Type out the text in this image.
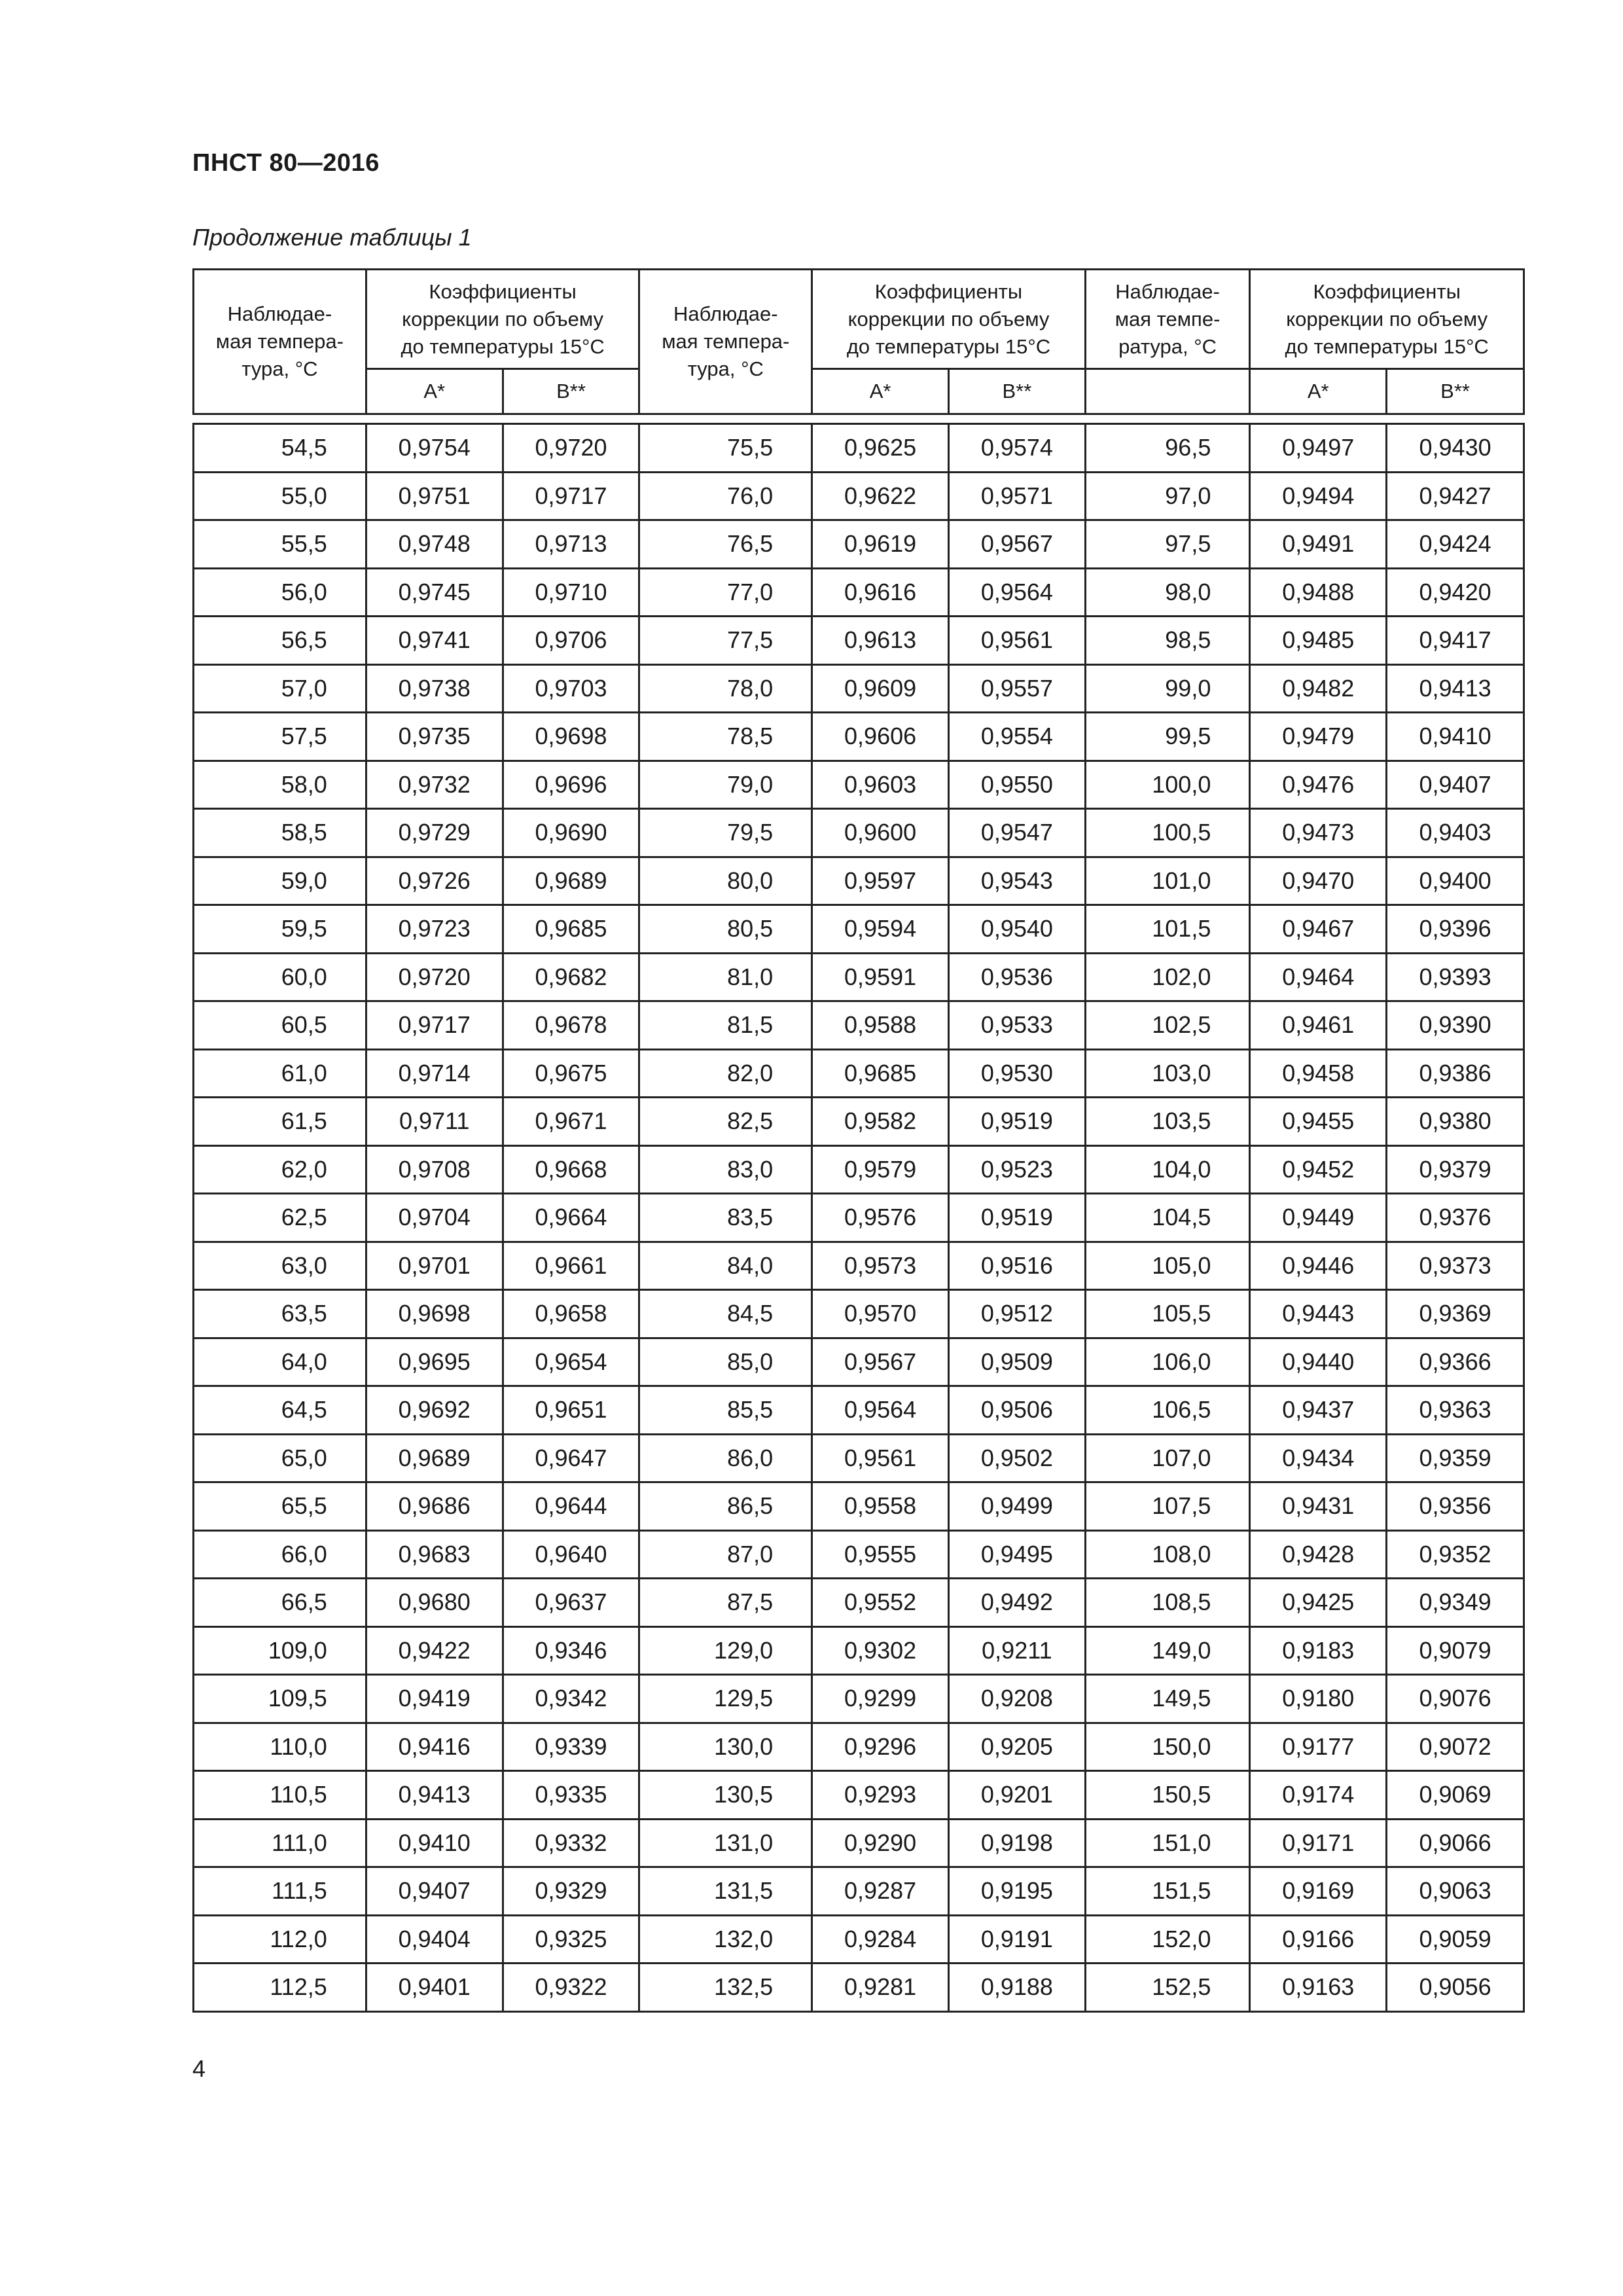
ПНСТ 80—2016
Продолжение таблицы 1
Наблюдае-
мая темпера-
тура, °С	Коэффициенты
коррекции по объему
до температуры 15°С		Наблюдае-
мая темпера-
тура, °С	Коэффициенты
коррекции по объему
до температуры 15°С		Наблюдае-
мая темпе-
ратура, °С	Коэффициенты
коррекции по объему
до температуры 15°С	
	A*	B**		A*	B**		A*	B**

54,5	0,9754	0,9720	75,5	0,9625	0,9574	96,5	0,9497	0,9430
55,0	0,9751	0,9717	76,0	0,9622	0,9571	97,0	0,9494	0,9427
55,5	0,9748	0,9713	76,5	0,9619	0,9567	97,5	0,9491	0,9424
56,0	0,9745	0,9710	77,0	0,9616	0,9564	98,0	0,9488	0,9420
56,5	0,9741	0,9706	77,5	0,9613	0,9561	98,5	0,9485	0,9417
57,0	0,9738	0,9703	78,0	0,9609	0,9557	99,0	0,9482	0,9413
57,5	0,9735	0,9698	78,5	0,9606	0,9554	99,5	0,9479	0,9410
58,0	0,9732	0,9696	79,0	0,9603	0,9550	100,0	0,9476	0,9407
58,5	0,9729	0,9690	79,5	0,9600	0,9547	100,5	0,9473	0,9403
59,0	0,9726	0,9689	80,0	0,9597	0,9543	101,0	0,9470	0,9400
59,5	0,9723	0,9685	80,5	0,9594	0,9540	101,5	0,9467	0,9396
60,0	0,9720	0,9682	81,0	0,9591	0,9536	102,0	0,9464	0,9393
60,5	0,9717	0,9678	81,5	0,9588	0,9533	102,5	0,9461	0,9390
61,0	0,9714	0,9675	82,0	0,9685	0,9530	103,0	0,9458	0,9386
61,5	0,9711	0,9671	82,5	0,9582	0,9519	103,5	0,9455	0,9380
62,0	0,9708	0,9668	83,0	0,9579	0,9523	104,0	0,9452	0,9379
62,5	0,9704	0,9664	83,5	0,9576	0,9519	104,5	0,9449	0,9376
63,0	0,9701	0,9661	84,0	0,9573	0,9516	105,0	0,9446	0,9373
63,5	0,9698	0,9658	84,5	0,9570	0,9512	105,5	0,9443	0,9369
64,0	0,9695	0,9654	85,0	0,9567	0,9509	106,0	0,9440	0,9366
64,5	0,9692	0,9651	85,5	0,9564	0,9506	106,5	0,9437	0,9363
65,0	0,9689	0,9647	86,0	0,9561	0,9502	107,0	0,9434	0,9359
65,5	0,9686	0,9644	86,5	0,9558	0,9499	107,5	0,9431	0,9356
66,0	0,9683	0,9640	87,0	0,9555	0,9495	108,0	0,9428	0,9352
66,5	0,9680	0,9637	87,5	0,9552	0,9492	108,5	0,9425	0,9349
109,0	0,9422	0,9346	129,0	0,9302	0,9211	149,0	0,9183	0,9079
109,5	0,9419	0,9342	129,5	0,9299	0,9208	149,5	0,9180	0,9076
110,0	0,9416	0,9339	130,0	0,9296	0,9205	150,0	0,9177	0,9072
110,5	0,9413	0,9335	130,5	0,9293	0,9201	150,5	0,9174	0,9069
111,0	0,9410	0,9332	131,0	0,9290	0,9198	151,0	0,9171	0,9066
111,5	0,9407	0,9329	131,5	0,9287	0,9195	151,5	0,9169	0,9063
112,0	0,9404	0,9325	132,0	0,9284	0,9191	152,0	0,9166	0,9059
112,5	0,9401	0,9322	132,5	0,9281	0,9188	152,5	0,9163	0,9056
4
